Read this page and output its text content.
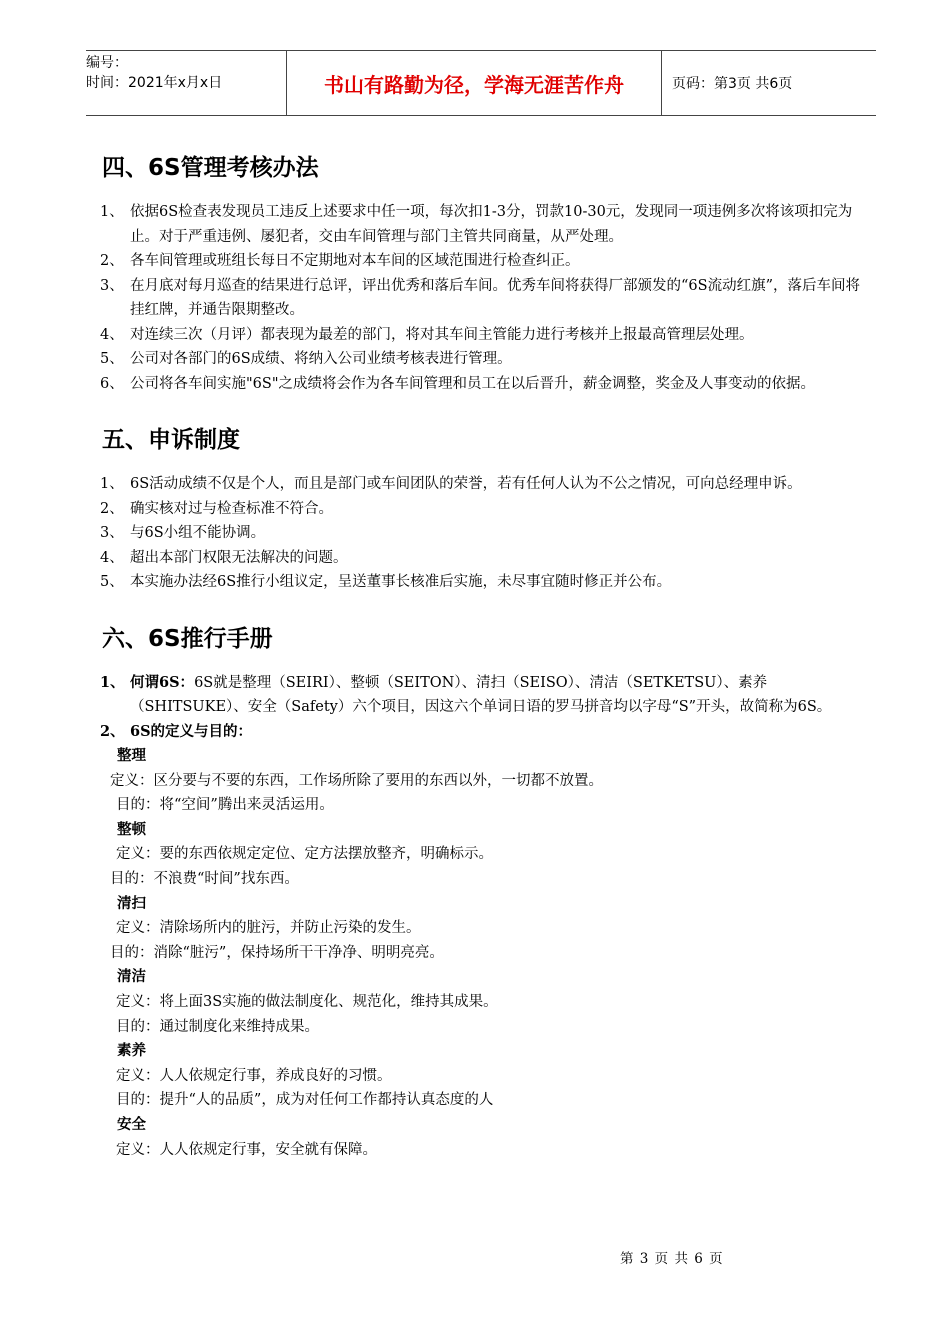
编号：
时间：2021年x月x日	书山有路勤为径，学海无涯苦作舟	页码：第3页 共6页
四、6S管理考核办法
1、 依据6S检查表发现员工违反上述要求中任一项，每次扣1-3分，罚款10-30元，发现同一项违例多次将该项扣完为止。对于严重违例、屡犯者，交由车间管理与部门主管共同商量，从严处理。
2、 各车间管理或班组长每日不定期地对本车间的区域范围进行检查纠正。
3、 在月底对每月巡查的结果进行总评，评出优秀和落后车间。优秀车间将获得厂部颁发的“6S流动红旗”，落后车间将挂红牌，并通告限期整改。
4、 对连续三次（月评）都表现为最差的部门，将对其车间主管能力进行考核并上报最高管理层处理。
5、 公司对各部门的6S成绩、将纳入公司业绩考核表进行管理。
6、 公司将各车间实施"6S"之成绩将会作为各车间管理和员工在以后晋升，薪金调整，奖金及人事变动的依据。
五、申诉制度
1、 6S活动成绩不仅是个人，而且是部门或车间团队的荣誉，若有任何人认为不公之情况，可向总经理申诉。
2、 确实核对过与检查标准不符合。
3、 与6S小组不能协调。
4、 超出本部门权限无法解决的问题。
5、 本实施办法经6S推行小组议定，呈送董事长核准后实施，未尽事宜随时修正并公布。
六、6S推行手册
1、 何谓6S：6S就是整理（SEIRI）、整顿（SEITON）、清扫（SEISO）、清洁（SETKETSU）、素养（SHITSUKE）、安全（Safety）六个项目，因这六个单词日语的罗马拼音均以字母“S”开头，故简称为6S。
2、 6S的定义与目的：
整理
定义：区分要与不要的东西，工作场所除了要用的东西以外，一切都不放置。
目的：将“空间”腾出来灵活运用。
整顿
定义：要的东西依规定定位、定方法摆放整齐，明确标示。
目的：不浪费“时间”找东西。
清扫
定义：清除场所内的脏污，并防止污染的发生。
目的：消除“脏污”，保持场所干干净净、明明亮亮。
清洁
定义：将上面3S实施的做法制度化、规范化，维持其成果。
目的：通过制度化来维持成果。
素养
定义：人人依规定行事，养成良好的习惯。
目的：提升“人的品质”，成为对任何工作都持认真态度的人
安全
定义：人人依规定行事，安全就有保障。
第 3 页 共 6 页
